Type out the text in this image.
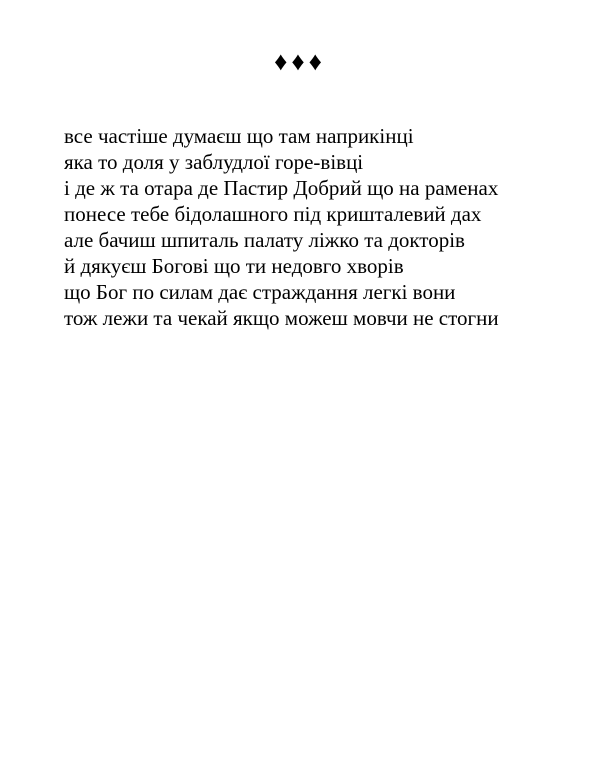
♦♦♦
все частіше думаєш що там наприкінці
яка то доля у заблудлої горе-вівці
і де ж та отара де Пастир Добрий що на раменах
понесе тебе бідолашного під кришталевий дах
але бачиш шпиталь палату ліжко та докторів
й дякуєш Богові що ти недовго хворів
що Бог по силам дає страждання легкі вони
тож лежи та чекай якщо можеш мовчи не стогни
